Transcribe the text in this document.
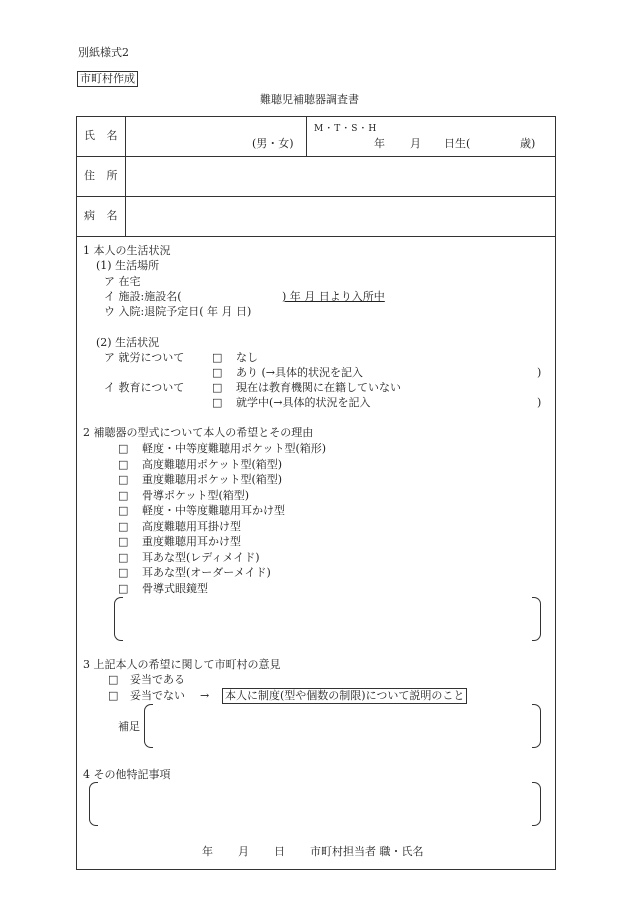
別紙様式2
市町村作成
難聴児補聴器調査書
氏 名
(男・女)
M・T・S・H
年 月 日生(	歳)
住 所
病 名
1 本人の生活状況
(1) 生活場所
ア 在宅
イ 施設:施設名(	) 年 月 日より入所中
ウ 入院:退院予定日( 年 月 日)
(2) 生活状況
ア 就労について	□ なし
□ あり (→具体的状況を記入	)
イ 教育について	□ 現在は教育機関に在籍していない
□ 就学中(→具体的状況を記入	)
2 補聴器の型式について本人の希望とその理由
□ 軽度・中等度難聴用ポケット型(箱形)
□ 高度難聴用ポケット型(箱型)
□ 重度難聴用ポケット型(箱型)
□ 骨導ポケット型(箱型)
□ 軽度・中等度難聴用耳かけ型
□ 高度難聴用耳掛け型
□ 重度難聴用耳かけ型
□ 耳あな型(レディメイド)
□ 耳あな型(オーダーメイド)
□ 骨導式眼鏡型
3 上記本人の希望に関して市町村の意見
□ 妥当である
□ 妥当でない → 本人に制度(型や個数の制限)について説明のこと
補足
4 その他特記事項
年 月 日 市町村担当者 職・氏名
